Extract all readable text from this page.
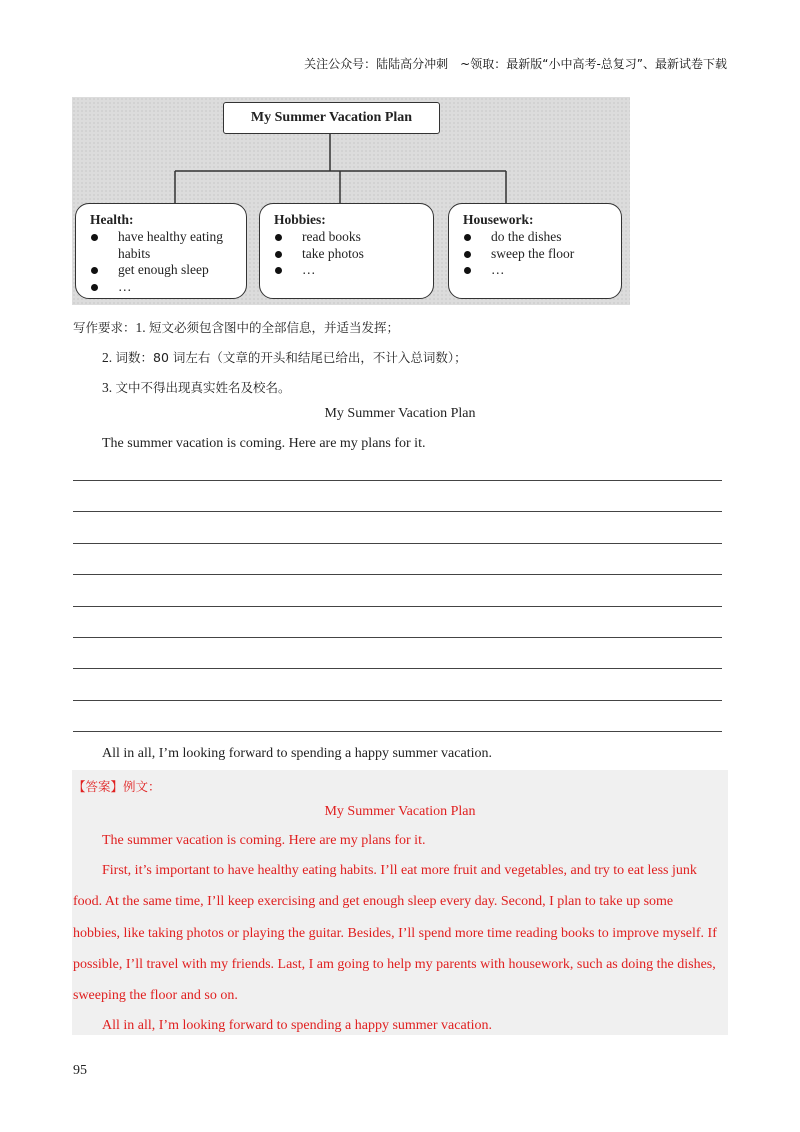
关注公众号：陆陆高分冲刺　~领取：最新版“小中高考-总复习”、最新试卷下载
My Summer Vacation Plan
Health:
have healthy eating habits
get enough sleep
…
Hobbies:
read books
take photos
…
Housework:
do the dishes
sweep the floor
…
写作要求：1. 短文必须包含图中的全部信息，并适当发挥；
2. 词数：80 词左右（文章的开头和结尾已给出，不计入总词数）；
3. 文中不得出现真实姓名及校名。
My Summer Vacation Plan
The summer vacation is coming. Here are my plans for it.
All in all, I’m looking forward to spending a happy summer vacation.
【答案】例文：
My Summer Vacation Plan
The summer vacation is coming. Here are my plans for it.
First, it’s important to have healthy eating habits. I’ll eat more fruit and vegetables, and try to eat less junk
food. At the same time, I’ll keep exercising and get enough sleep every day. Second, I plan to take up some
hobbies, like taking photos or playing the guitar. Besides, I’ll spend more time reading books to improve myself. If
possible, I’ll travel with my friends. Last, I am going to help my parents with housework, such as doing the dishes,
sweeping the floor and so on.
All in all, I’m looking forward to spending a happy summer vacation.
95
